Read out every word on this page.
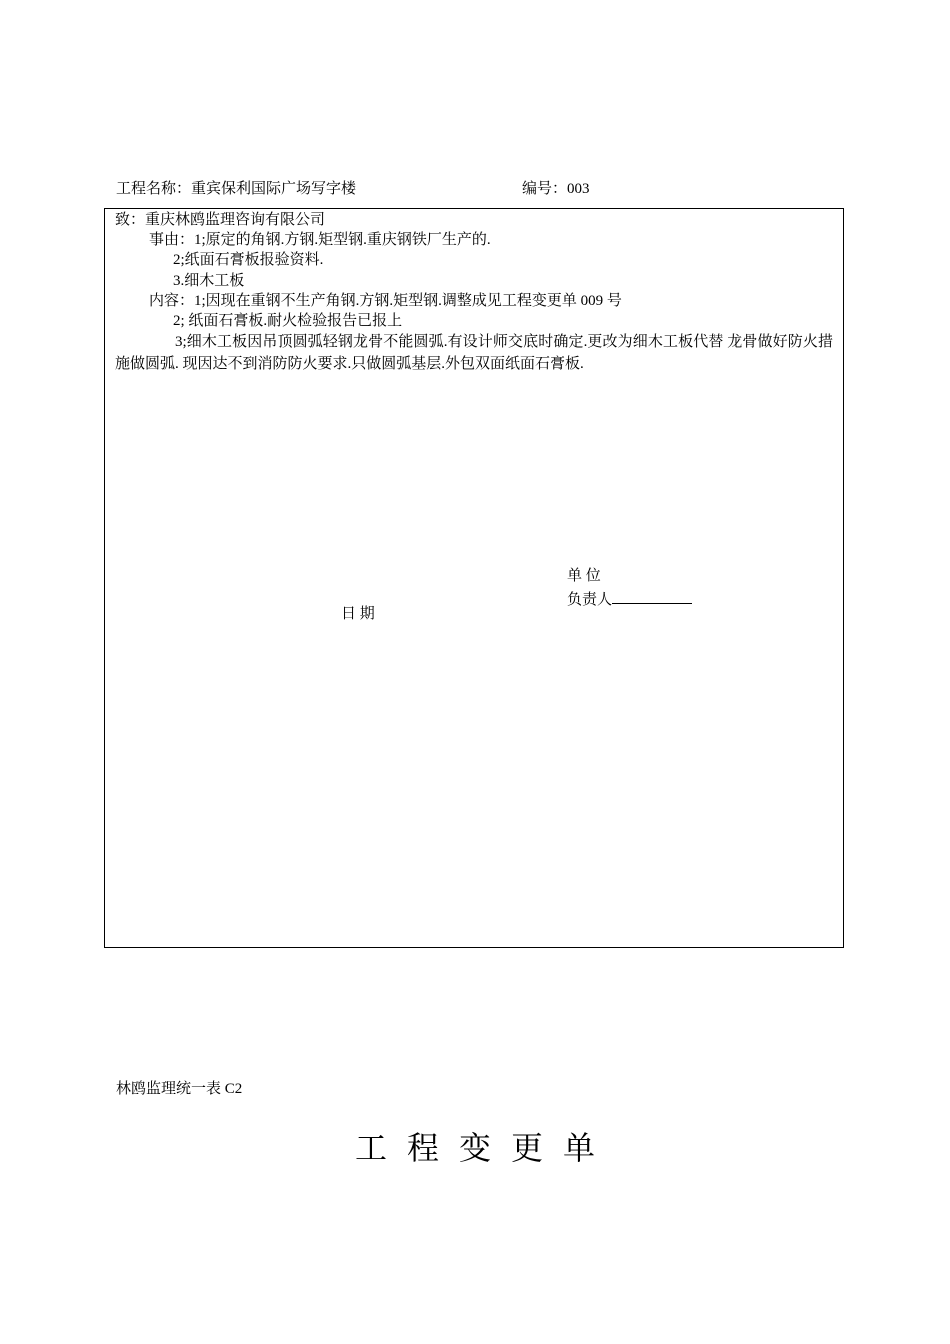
工程名称：重宾保利国际广场写字楼	编号：003
致：重庆林鸥监理咨询有限公司
事由：1;原定的角钢.方钢.矩型钢.重庆钢铁厂生产的.
2;纸面石膏板报验资料.
3.细木工板
内容：1;因现在重钢不生产角钢.方钢.矩型钢.调整成见工程变更单 009 号
2; 纸面石膏板.耐火检验报告已报上
3;细木工板因吊顶圆弧轻钢龙骨不能圆弧.有设计师交底时确定.更改为细木工板代替 龙骨做好防火措施做圆弧. 现因达不到消防防火要求.只做圆弧基层.外包双面纸面石膏板.
单 位
负责人
日 期
林鸥监理统一表 C2
工程变更单
